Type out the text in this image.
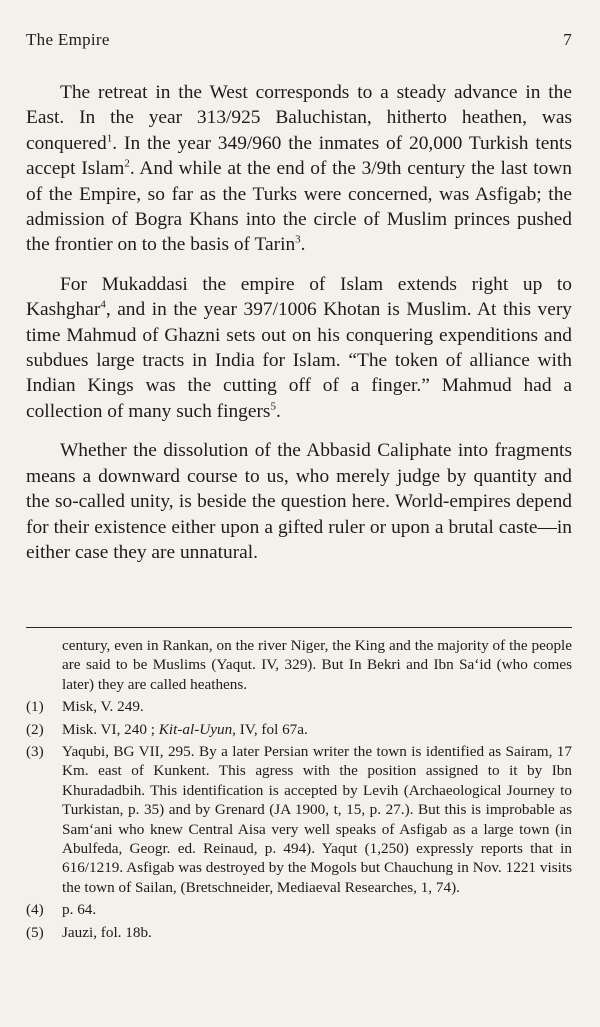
The Empire	7

The retreat in the West corresponds to a steady advance in the East. In the year 313/925 Baluchistan, hitherto heathen, was conquered$^1$. In the year 349/960 the inmates of 20,000 Turkish tents accept Islam$^2$. And while at the end of the 3/9th century the last town of the Empire, so far as the Turks were concerned, was Asfigab; the admission of Bogra Khans into the circle of Muslim princes pushed the frontier on to the basis of Tarin$^3$.

For Mukaddasi the empire of Islam extends right up to Kashghar$^4$, and in the year 397/1006 Khotan is Muslim. At this very time Mahmud of Ghazni sets out on his conquering expenditions and subdues large tracts in India for Islam. “The token of alliance with Indian Kings was the cutting off of a finger.” Mahmud had a collection of many such fingers$^5$.

Whether the dissolution of the Abbasid Caliphate into fragments means a downward course to us, who merely judge by quantity and the so-called unity, is beside the question here. World-empires depend for their existence either upon a gifted ruler or upon a brutal caste—in either case they are unnatural.

century, even in Rankan, on the river Niger, the King and the majority of the people are said to be Muslims (Yaqut. IV, 329). But In Bekri and Ibn Sa‘id (who comes later) they are called heathens.
(1)	Misk, V. 249.
(2)	Misk. VI, 240 ; Kit-al-Uyun, IV, fol 67a.
(3)	Yaqubi, BG VII, 295. By a later Persian writer the town is identified as Sairam, 17 Km. east of Kunkent. This agress with the position assigned to it by Ibn Khuradadbih. This identification is accepted by Levih (Archaeological Journey to Turkistan, p. 35) and by Grenard (JA 1900, t, 15, p. 27.). But this is improbable as Sam‘ani who knew Central Aisa very well speaks of Asfigab as a large town (in Abulfeda, Geogr. ed. Reinaud, p. 494). Yaqut (1,250) expressly reports that in 616/1219. Asfigab was destroyed by the Mogols but Chauchung in Nov. 1221 visits the town of Sailan, (Bretschneider, Mediaeval Researches, 1, 74).
(4)	p. 64.
(5)	Jauzi, fol. 18b.
